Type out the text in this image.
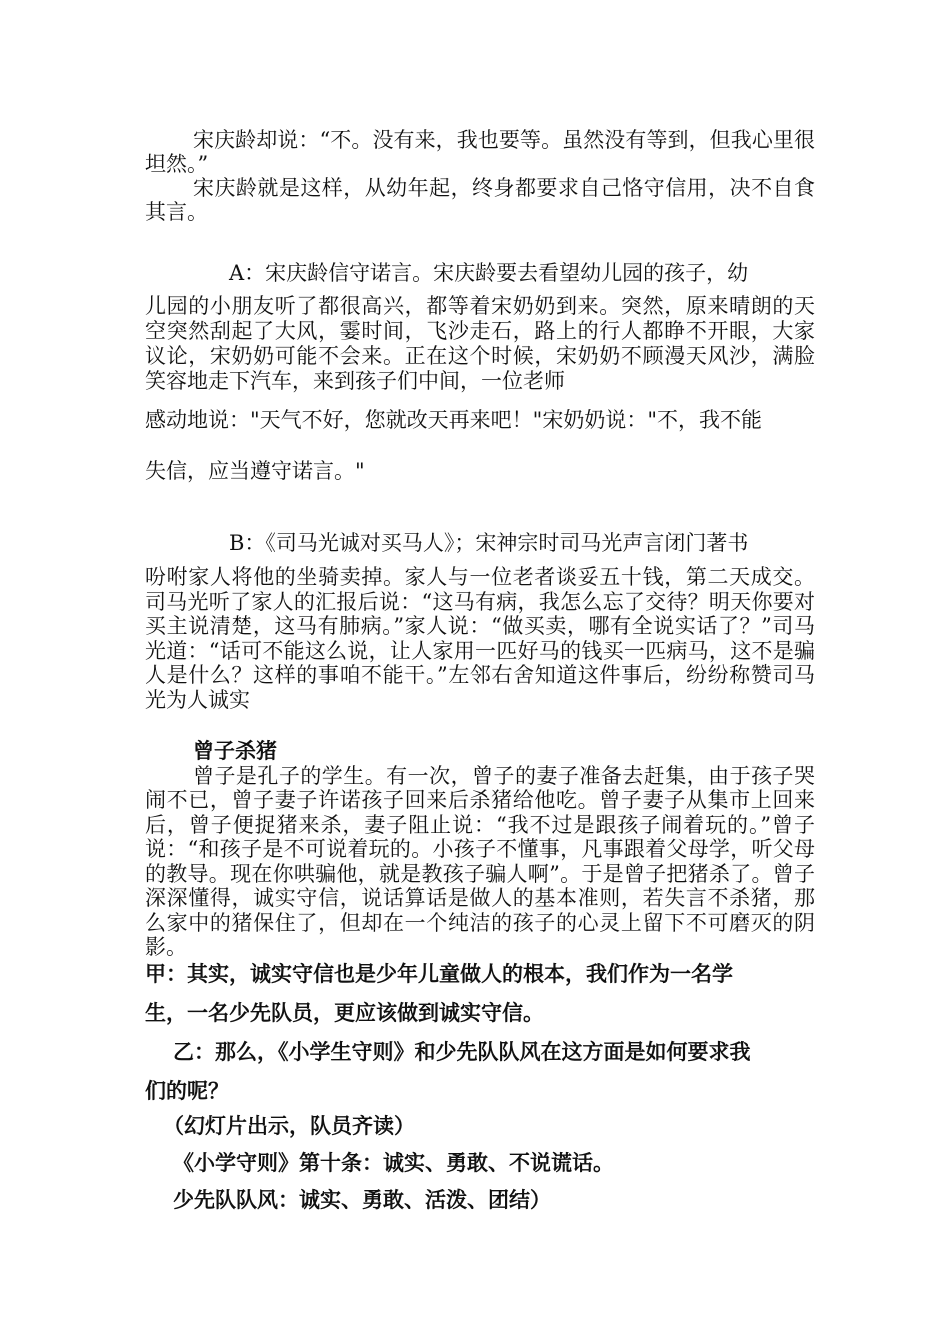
宋庆龄却说：“不。没有来，我也要等。虽然没有等到，但我心里很坦然。”

宋庆龄就是这样，从幼年起，终身都要求自己恪守信用，决不自食其言。

A：宋庆龄信守诺言。宋庆龄要去看望幼儿园的孩子，幼

儿园的小朋友听了都很高兴，都等着宋奶奶到来。突然，原来晴朗的天空突然刮起了大风，霎时间，飞沙走石，路上的行人都睁不开眼，大家议论，宋奶奶可能不会来。正在这个时候，宋奶奶不顾漫天风沙，满脸笑容地走下汽车，来到孩子们中间，一位老师

感动地说："天气不好，您就改天再来吧！"宋奶奶说："不，我不能

失信，应当遵守诺言。"

B：《司马光诚对买马人》；宋神宗时司马光声言闭门著书

吩咐家人将他的坐骑卖掉。家人与一位老者谈妥五十钱，第二天成交。司马光听了家人的汇报后说：“这马有病，我怎么忘了交待？明天你要对买主说清楚，这马有肺病。”家人说：“做买卖，哪有全说实话了？”司马光道：“话可不能这么说，让人家用一匹好马的钱买一匹病马，这不是骗人是什么？这样的事咱不能干。”左邻右舍知道这件事后，纷纷称赞司马光为人诚实

曾子杀猪

曾子是孔子的学生。有一次，曾子的妻子准备去赶集，由于孩子哭闹不已，曾子妻子许诺孩子回来后杀猪给他吃。曾子妻子从集市上回来后，曾子便捉猪来杀，妻子阻止说：“我不过是跟孩子闹着玩的。”曾子说：“和孩子是不可说着玩的。小孩子不懂事，凡事跟着父母学，听父母的教导。现在你哄骗他，就是教孩子骗人啊”。于是曾子把猪杀了。曾子深深懂得，诚实守信，说话算话是做人的基本准则，若失言不杀猪，那么家中的猪保住了，但却在一个纯洁的孩子的心灵上留下不可磨灭的阴影。

甲：其实，诚实守信也是少年儿童做人的根本，我们作为一名学

生，一名少先队员，更应该做到诚实守信。

乙：那么，《小学生守则》和少先队队风在这方面是如何要求我

们的呢？

（幻灯片出示，队员齐读）

《小学守则》第十条：诚实、勇敢、不说谎话。

少先队队风：诚实、勇敢、活泼、团结）
